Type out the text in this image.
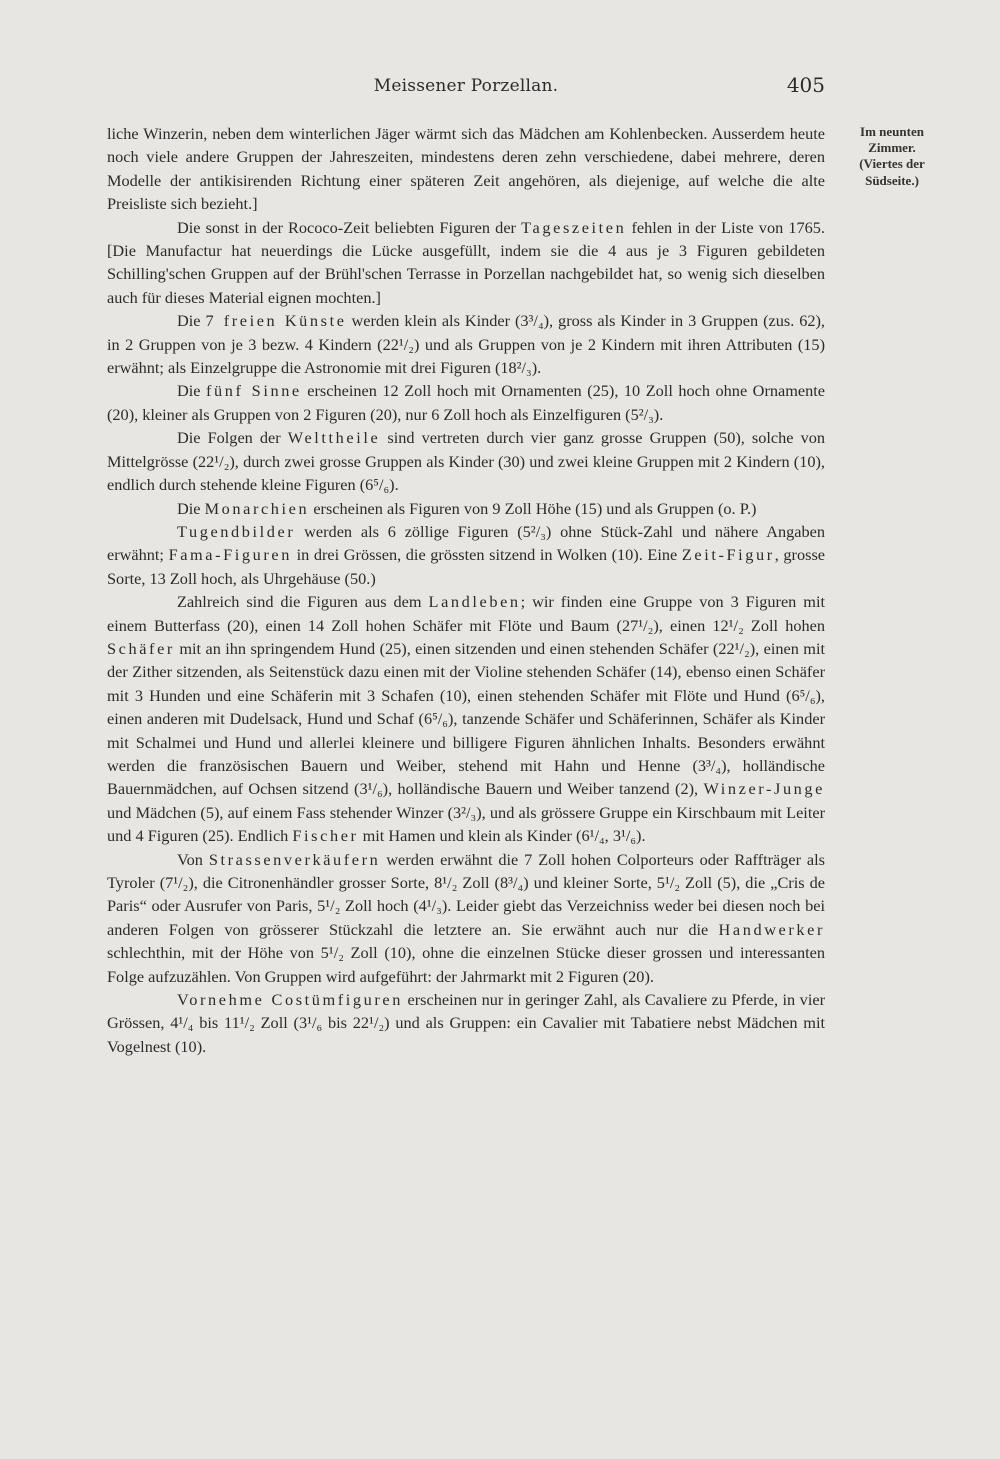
Meissener Porzellan.	405
Im neunten
Zimmer.
(Viertes der
Südseite.)

liche Winzerin, neben dem winterlichen Jäger wärmt sich das Mädchen am Kohlenbecken. Ausserdem heute noch viele andere Gruppen der Jahreszeiten, mindestens deren zehn verschiedene, dabei mehrere, deren Modelle der antikisirenden Richtung einer späteren Zeit angehören, als diejenige, auf welche die alte Preisliste sich bezieht.]

Die sonst in der Rococo-Zeit beliebten Figuren der Tageszeiten fehlen in der Liste von 1765. [Die Manufactur hat neuerdings die Lücke ausgefüllt, indem sie die 4 aus je 3 Figuren gebildeten Schilling'schen Gruppen auf der Brühl'schen Terrasse in Porzellan nachgebildet hat, so wenig sich dieselben auch für dieses Material eignen mochten.]

Die 7 freien Künste werden klein als Kinder (3³/₄), gross als Kinder in 3 Gruppen (zus. 62), in 2 Gruppen von je 3 bezw. 4 Kindern (22¹/₂) und als Gruppen von je 2 Kindern mit ihren Attributen (15) erwähnt; als Einzelgruppe die Astronomie mit drei Figuren (18²/₃).

Die fünf Sinne erscheinen 12 Zoll hoch mit Ornamenten (25), 10 Zoll hoch ohne Ornamente (20), kleiner als Gruppen von 2 Figuren (20), nur 6 Zoll hoch als Einzelfiguren (5²/₃).

Die Folgen der Welttheile sind vertreten durch vier ganz grosse Gruppen (50), solche von Mittelgrösse (22¹/₂), durch zwei grosse Gruppen als Kinder (30) und zwei kleine Gruppen mit 2 Kindern (10), endlich durch stehende kleine Figuren (6⁵/₆).

Die Monarchien erscheinen als Figuren von 9 Zoll Höhe (15) und als Gruppen (o. P.)

Tugendbilder werden als 6 zöllige Figuren (5²/₃) ohne Stück-Zahl und nähere Angaben erwähnt; Fama-Figuren in drei Grössen, die grössten sitzend in Wolken (10). Eine Zeit-Figur, grosse Sorte, 13 Zoll hoch, als Uhrgehäuse (50.)

Zahlreich sind die Figuren aus dem Landleben; wir finden eine Gruppe von 3 Figuren mit einem Butterfass (20), einen 14 Zoll hohen Schäfer mit Flöte und Baum (27¹/₂), einen 12¹/₂ Zoll hohen Schäfer mit an ihn springendem Hund (25), einen sitzenden und einen stehenden Schäfer (22¹/₂), einen mit der Zither sitzenden, als Seitenstück dazu einen mit der Violine stehenden Schäfer (14), ebenso einen Schäfer mit 3 Hunden und eine Schäferin mit 3 Schafen (10), einen stehenden Schäfer mit Flöte und Hund (6⁵/₆), einen anderen mit Dudelsack, Hund und Schaf (6⁵/₆), tanzende Schäfer und Schäferinnen, Schäfer als Kinder mit Schalmei und Hund und allerlei kleinere und billigere Figuren ähnlichen Inhalts. Besonders erwähnt werden die französischen Bauern und Weiber, stehend mit Hahn und Henne (3³/₄), holländische Bauernmädchen, auf Ochsen sitzend (3¹/₆), holländische Bauern und Weiber tanzend (2), Winzer-Junge und Mädchen (5), auf einem Fass stehender Winzer (3²/₃), und als grössere Gruppe ein Kirschbaum mit Leiter und 4 Figuren (25). Endlich Fischer mit Hamen und klein als Kinder (6¹/₄, 3¹/₆).

Von Strassenverkäufern werden erwähnt die 7 Zoll hohen Colporteurs oder Raffträger als Tyroler (7¹/₂), die Citronenhändler grosser Sorte, 8¹/₂ Zoll (8³/₄) und kleiner Sorte, 5¹/₂ Zoll (5), die „Cris de Paris“ oder Ausrufer von Paris, 5¹/₂ Zoll hoch (4¹/₃). Leider giebt das Verzeichniss weder bei diesen noch bei anderen Folgen von grösserer Stückzahl die letztere an. Sie erwähnt auch nur die Handwerker schlechthin, mit der Höhe von 5¹/₂ Zoll (10), ohne die einzelnen Stücke dieser grossen und interessanten Folge aufzuzählen. Von Gruppen wird aufgeführt: der Jahrmarkt mit 2 Figuren (20).

Vornehme Costümfiguren erscheinen nur in geringer Zahl, als Cavaliere zu Pferde, in vier Grössen, 4¹/₄ bis 11¹/₂ Zoll (3¹/₆ bis 22¹/₂) und als Gruppen: ein Cavalier mit Tabatiere nebst Mädchen mit Vogelnest (10).
